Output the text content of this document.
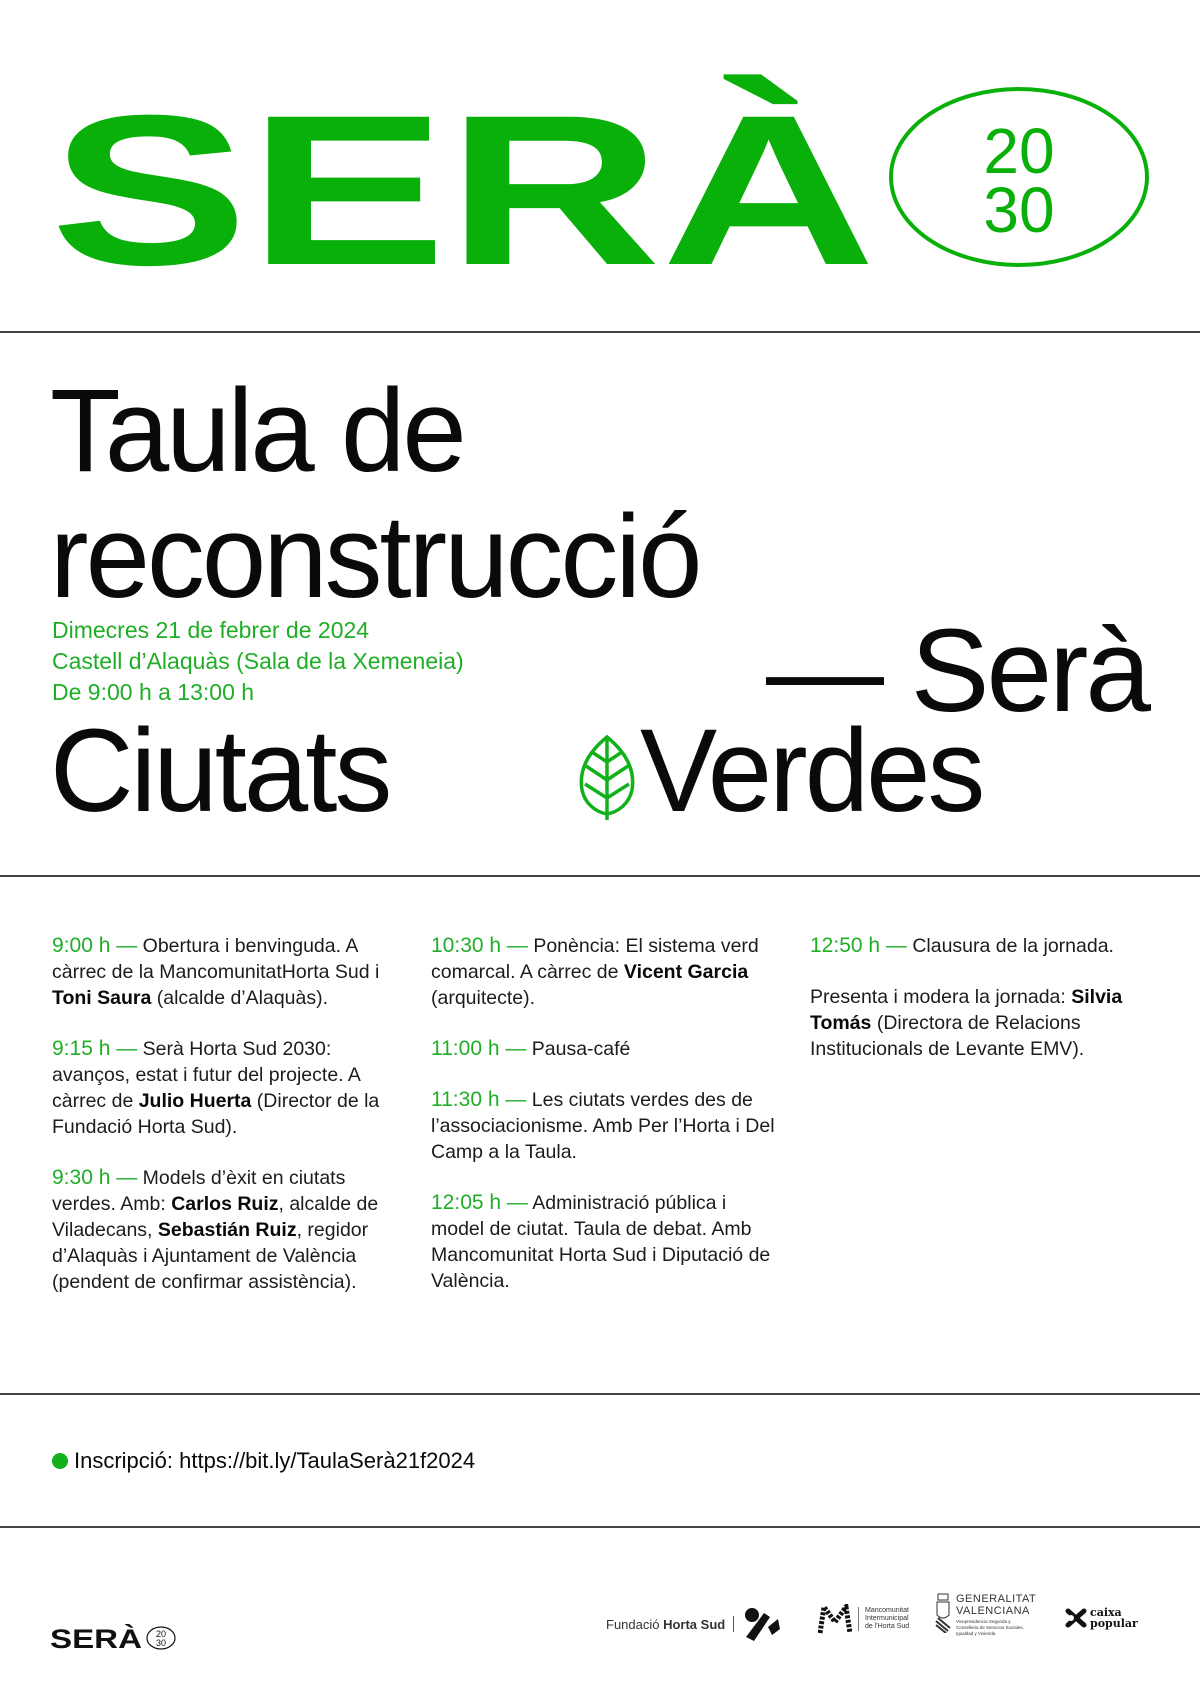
SERÀ 20
30
Taula de
reconstrucció
— Serà
Ciutats Verdes
Dimecres 21 de febrer de 2024
Castell d’Alaquàs (Sala de la Xemeneia)
De 9:00 h a 13:00 h

9:00 h — Obertura i benvinguda. A càrrec de la MancomunitatHorta Sud i Toni Saura (alcalde d’Alaquàs).

9:15 h — Serà Horta Sud 2030: avanços, estat i futur del projecte. A càrrec de Julio Huerta (Director de la Fundació Horta Sud).

9:30 h — Models d’èxit en ciutats verdes. Amb: Carlos Ruiz, alcalde de Viladecans, Sebastián Ruiz, regidor d’Alaquàs i Ajuntament de València (pendent de confirmar assistència).

10:30 h — Ponència: El sistema verd comarcal. A càrrec de Vicent Garcia (arquitecte).

11:00 h — Pausa-café

11:30 h — Les ciutats verdes des de l’associacionisme. Amb Per l’Horta i Del Camp a la Taula.

12:05 h — Administració pública i model de ciutat. Taula de debat. Amb Mancomunitat Horta Sud i Diputació de València.

12:50 h — Clausura de la jornada.

Presenta i modera la jornada: Silvia Tomás (Directora de Relacions Institucionals de Levante EMV).

Inscripció: https://bit.ly/TaulaSerà21f2024
SERÀ	20
30
Fundació Horta Sud
Mancomunitat
Intermunicipal
de l'Horta Sud
GENERALITAT
VALENCIANA
Vicepresidencia Segunda y
Conselleria de Servicios Sociales,
Igualdad y Vivienda
caixa
popular
